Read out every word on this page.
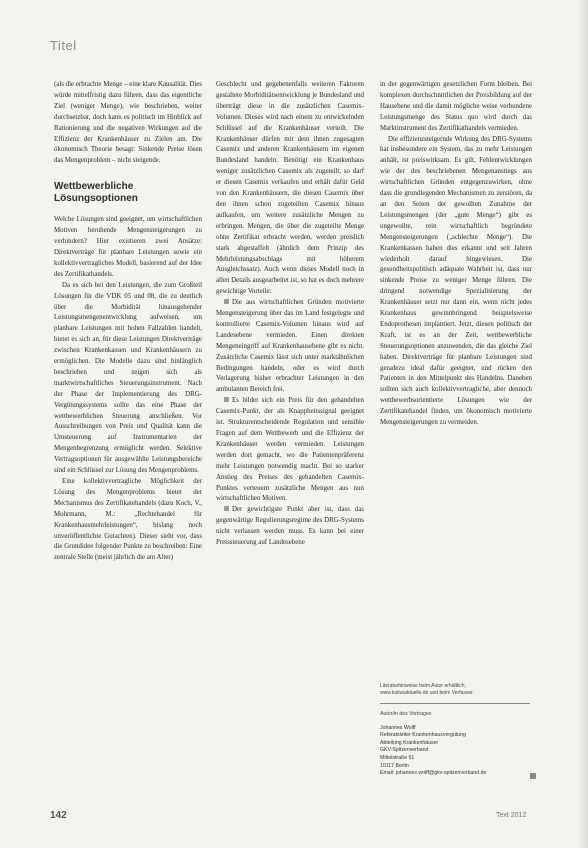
Titel

(als die erbrachte Menge – eine klare Kausalität. Dies würde mittelfristig dazu führen, dass das eigentliche Ziel (weniger Menge), wie beschrieben, weiter durchsetzbar, doch kann es politisch im Hinblick auf Rationierung und die negativen Wirkungen auf die Effizienz der Krankenhäuser zu Zielen am. Die ökonomisch Theorie besagt: Sinkende Preise lösen das Mengenproblem – nicht steigende.

Wettbewerbliche Lösungsoptionen

Welche Lösungen sind geeignet, um wirtschaftlichen Motiven beruhende Mengensteigerungen zu verhindern? Hier existieren zwei Ansätze: Direktverträge für planbare Leistungen sowie ein kollektivvertragliches Modell, basierend auf der Idee des Zertifikathandels.

Da es sich bei den Leistungen, die zum Großteil Lösungen für die VDK 05 und 08, die zu deutlich über die Morbidität hinausgehender Leistungsmengenentwicklung aufweisen, um planbare Leistungen mit hohen Fallzahlen handelt, bietet es sich an, für diese Leistungen Direktverträge zwischen Krankenkassen und Krankenhäusern zu ermöglichen. Die Modelle dazu sind hinlänglich beschrieben und zeigen sich als marktwirtschaftliches Steuerungsinstrument. Nach der Phase der Implementierung des DRG-Vergütungssystems sollte das eine Phase der wettbewerblichen Steuerung anschließen. Vor Ausschreibungen von Preis und Qualität kann die Umsteuerung auf Instrumentarien der Mengenbegrenzung ermöglicht werden. Selektive Vertragsoptionen für ausgewählte Leistungsbereiche sind ein Schlüssel zur Lösung des Mengenproblems.

Eine kollektivvertragliche Möglichkeit der Lösung des Mengenproblems bietet der Mechanismus des Zertifikatehandels (dazu Koch, V., Mohrmann, M.: „Rechtehandel für Krankenhausmehrleistungen“, bislang noch unveröffentlichte Gutachten). Dieser sieht vor, dass die Grundidee folgender Punkte zu beschreiben: Eine zentrale Stelle (meist jährlich die am Alter)

Geschlecht und gegebenenfalls weiteren Faktoren gestaltete Morbiditätsentwicklung je Bundesland und überträgt diese in die zusätzlichen Casemix-Volumen. Dieses wird nach einem zu entwickelnden Schlüssel auf die Krankenhäuser verteilt. Die Krankenhäuser dürfen mit dem ihnen zugesagten Casemix und anderen Krankenhäusern im eigenen Bundesland handeln. Benötigt ein Krankenhaus weniger zusätzlichen Casemix als zugeteilt, so darf er diesen Casemix verkaufen und erhält dafür Geld von den Krankenhäusern, die diesen Casemix über den ihnen schon zugeteilten Casemix hinaus aufkaufen, um weitere zusätzliche Mengen zu erbringen. Mengen, die über die zugeteilte Menge ohne Zertifikat erbracht werden, werden preislich stark abgestaffelt (ähnlich dem Prinzip des Mehrleistungsabschlags mit höherem Ausgleichssatz). Auch wenn dieses Modell noch in allen Details ausgearbeitet ist, so hat es doch mehrere gewichtige Vorteile:

Die aus wirtschaftlichen Gründen motivierte Mengensteigerung über das im Land festgelegte und kontrollierte Casemix-Volumen hinaus wird auf Landesebene vermieden. Einen direkten Mengeneingriff auf Krankenhausebene gibt es nicht. Zusätzliche Casemix lässt sich unter marktähnlichen Bedingungen handeln, oder es wird durch Verlagerung bisher erbrachter Leistungen in den ambulanten Bereich frei.

Es bildet sich ein Preis für den gehandelten Casemix-Punkt, der als Knappheitssignal geeignet ist. Strukturentscheidende Regulation und sensible Fragen auf dem Wettbewerb und die Effizienz der Krankenhäuser werden vermieden. Leistungen werden dort gemacht, wo die Patientenpräferenz mehr Leistungen notwendig macht. Bei so starker Anstieg des Preises des gehandelten Casemix-Punktes verteuern zusätzliche Mengen aus nun wirtschaftlichen Motiven.

Der gewichtigste Punkt aber ist, dass das gegenwärtige Regulierungsregime des DRG-Systems nicht verlassen werden muss. Es kann bei einer Preissteuerung auf Landesebene

in der gegenwärtigen gesetzlichen Form bleiben. Bei komplexen durchschnittlichen der Preisbildung auf der Hausebene und die damit mögliche weise verbundene Leistungsmenge des Status quo wird durch das Marktinstrument des Zertifikathandels vermieden.

Die effizienzsteigernde Wirkung des DRG-Systems hat insbesondere ein System, das zu mehr Leistungen anhält, ist preiswirksam. Es gilt, Fehlentwicklungen wie der des beschriebenen Mengenanstiegs aus wirtschaftlichen Gründen entgegenzuwirken, ohne dass die grundlegenden Mechanismen zu zerstören, da an den Seiten der gewollten Zunahme der Leistungsmengen (der „gute Menge“) gibt es ungewollte, rein wirtschaftlich begründete Mengensteigerungen („schlechte Menge“). Die Krankenkassen haben dies erkannt und seit Jahren wiederholt darauf hingewiesen. Die gesundheitspolitisch adäquate Wahrheit ist, dass nur sinkende Preise zu weniger Menge führen. Die dringend notwendige Spezialisierung der Krankenhäuser setzt nur dann ein, wenn nicht jedes Krankenhaus gewinnbringend beispielsweise Endoprothesen implantiert. Jetzt, diesen politisch der Kraft, ist es an der Zeit, wettbewerbliche Steuerungsoptionen anzuwenden, die das gleiche Ziel haben. Direktverträge für planbare Leistungen sind geradezu ideal dafür geeignet, und rücken den Patienten in den Mittelpunkt des Handelns. Daneben sollten sich auch kollektivvertragliche, aber dennoch wettbewerbsorientierte Lösungen wie der Zertifikatehandel finden, um ökonomisch motivierte Mengensteigerungen zu vermeiden.

Literaturhinweise beim Autor erhältlich,
www.kulturaktuelle.de und beim Verfasser.
Autor/in des Vortrages
Johannes Wolff
Referatsleiter Krankenhausvergütung
Abteilung Krankenhäuser
GKV-Spitzenverband
Mittelstraße 51
10117 Berlin
Email: johannes.wolff@gkv-spitzenverband.de
142	Text 2012
